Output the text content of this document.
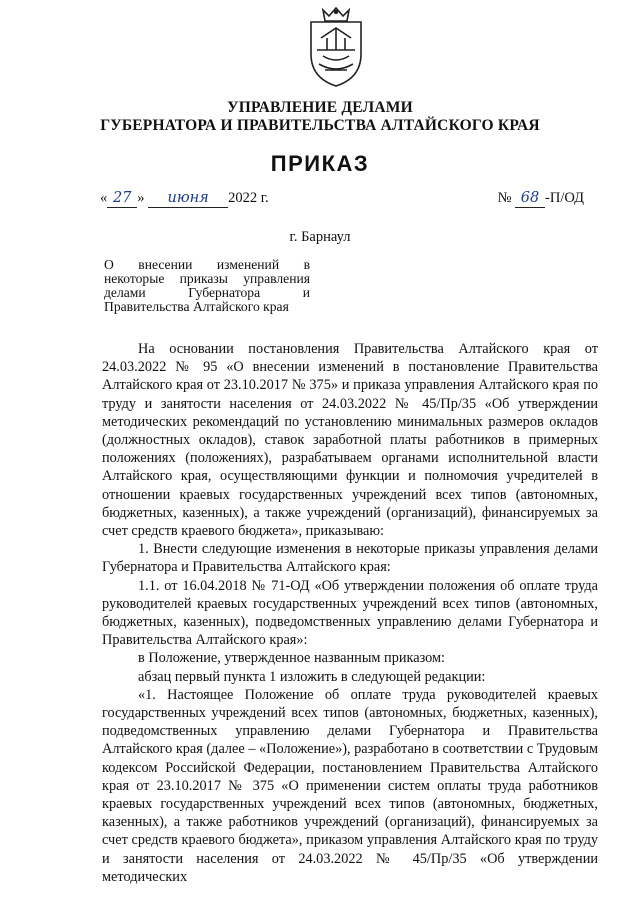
УПРАВЛЕНИЕ ДЕЛАМИ
ГУБЕРНАТОРА И ПРАВИТЕЛЬСТВА АЛТАЙСКОГО КРАЯ
ПРИКАЗ
« 27 » июня 2022 г.	№ 68 -П/ОД
г. Барнаул
О внесении изменений в
некоторые приказы управления
делами Губернатора и
Правительства Алтайского края

На основании постановления Правительства Алтайского края от 24.03.2022 № 95 «О внесении изменений в постановление Правительства Алтайского края от 23.10.2017 № 375» и приказа управления Алтайского края по труду и занятости населения от 24.03.2022 № 45/Пр/35 «Об утверждении методических рекомендаций по установлению минимальных размеров окладов (должностных окладов), ставок заработной платы работников в примерных положениях (положениях), разрабатываем органами исполнительной власти Алтайского края, осуществляющими функции и полномочия учредителей в отношении краевых государственных учреждений всех типов (автономных, бюджетных, казенных), а также учреждений (организаций), финансируемых за счет средств краевого бюджета», приказываю:

1. Внести следующие изменения в некоторые приказы управления делами Губернатора и Правительства Алтайского края:

1.1. от 16.04.2018 № 71-ОД «Об утверждении положения об оплате труда руководителей краевых государственных учреждений всех типов (автономных, бюджетных, казенных), подведомственных управлению делами Губернатора и Правительства Алтайского края»:

в Положение, утвержденное названным приказом:

абзац первый пункта 1 изложить в следующей редакции:

«1. Настоящее Положение об оплате труда руководителей краевых государственных учреждений всех типов (автономных, бюджетных, казенных), подведомственных управлению делами Губернатора и Правительства Алтайского края (далее – «Положение»), разработано в соответствии с Трудовым кодексом Российской Федерации, постановлением Правительства Алтайского края от 23.10.2017 № 375 «О применении систем оплаты труда работников краевых государственных учреждений всех типов (автономных, бюджетных, казенных), а также работников учреждений (организаций), финансируемых за счет средств краевого бюджета», приказом управления Алтайского края по труду и занятости населения от 24.03.2022 № 45/Пр/35 «Об утверждении методических
